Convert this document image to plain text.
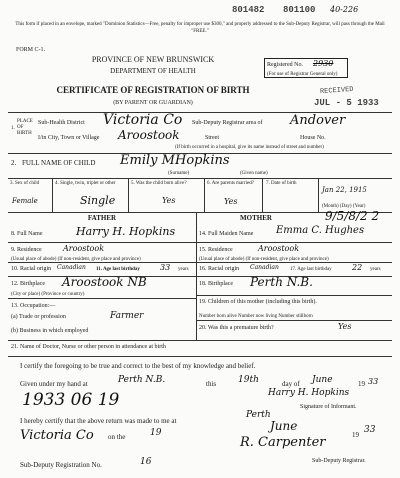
801482 801100 40-226
This form if placed in an envelope, marked "Dominion Statistics—Free, penalty for improper use $300," and properly addressed to the Sub-Deputy Registrar, will pass through the Mail "FREE."
FORM C-1.
PROVINCE OF NEW BRUNSWICK
DEPARTMENT OF HEALTH
CERTIFICATE OF REGISTRATION OF BIRTH
(BY PARENT OR GUARDIAN)
Registered No. 2930
(For use of Registrar General only)
RECEIVED
JUL - 5 1933
1.
PLACE OF BIRTH
Sub-Health District Victoria Co Sub-Deputy Registrar area of Andover
I/in City, Town or Village Aroostook	Street	House No.
(If birth occurred in a hospital, give its name instead of street and number)
2. FULL NAME OF CHILD Emily M.
Hopkins
(Surname)	(Given name)
3. Sex of child
Female
4. Single, twin, triplet or other
Single
5. Was the child born alive?
Yes
6. Are parents married?
Yes
7. Date of birth
Jan 22, 1915
(Month) (Day) (Year)
FATHER	MOTHER	9/5/8/2 2
8. Full Name	Harry H. Hopkins
9. Residence	Aroostook
(Usual place of abode) (If non-resident, give place and province)
10. Racial origin Canadian 11. Age last birthday	33 years
12. Birthplace Aroostook NB
(City or place) (Province or country)
13. Occupation:—
(a) Trade or profession	Farmer
(b) Business in which employed
14. Full Maiden Name Emma C. Hughes
15. Residence	Aroostook
(Usual place of abode) (If non-resident, give place and province)
16. Racial origin Canadian 17. Age last birthday	22 years
18. Birthplace Perth N.B.
19. Children of this mother (including this birth).
Number born alive Number now living Number stillborn
20. Was this a premature birth?	Yes
21. Name of Doctor, Nurse or other person in attendance at birth
I certify the foregoing to be true and correct to the best of my knowledge and belief.
Given under my hand at	Perth N.B.	this 19th	day of June	19 33
1933 06 19	Harry H. Hopkins
Signature of Informant.
I hereby certify that the above return was made to me at
Perth
Victoria Co on the	19	June
19 33
R. Carpenter
Sub-Deputy Registrar.
Sub-Deputy Registration No.	16
